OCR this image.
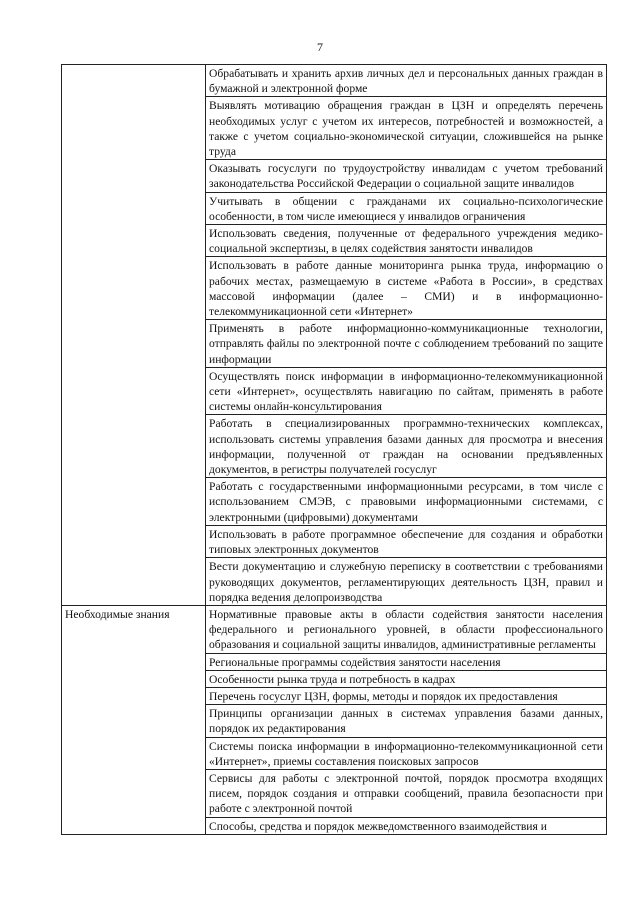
7
	Обрабатывать и хранить архив личных дел и персональных данных граждан в бумажной и электронной форме
	Выявлять мотивацию обращения граждан в ЦЗН и определять перечень необходимых услуг с учетом их интересов, потребностей и возможностей, а также с учетом социально-экономической ситуации, сложившейся на рынке труда
	Оказывать госуслуги по трудоустройству инвалидам с учетом требований законодательства Российской Федерации о социальной защите инвалидов
	Учитывать в общении с гражданами их социально-психологические особенности, в том числе имеющиеся у инвалидов ограничения
	Использовать сведения, полученные от федерального учреждения медико-социальной экспертизы, в целях содействия занятости инвалидов
	Использовать в работе данные мониторинга рынка труда, информацию о рабочих местах, размещаемую в системе «Работа в России», в средствах массовой информации (далее – СМИ) и в информационно-телекоммуникационной сети «Интернет»
	Применять в работе информационно-коммуникационные технологии, отправлять файлы по электронной почте с соблюдением требований по защите информации
	Осуществлять поиск информации в информационно-телекоммуникационной сети «Интернет», осуществлять навигацию по сайтам, применять в работе системы онлайн-консультирования
	Работать в специализированных программно-технических комплексах, использовать системы управления базами данных для просмотра и внесения информации, полученной от граждан на основании предъявленных документов, в регистры получателей госуслуг
	Работать с государственными информационными ресурсами, в том числе с использованием СМЭВ, с правовыми информационными системами, с электронными (цифровыми) документами
	Использовать в работе программное обеспечение для создания и обработки типовых электронных документов
	Вести документацию и служебную переписку в соответствии с требованиями руководящих документов, регламентирующих деятельность ЦЗН, правил и порядка ведения делопроизводства
Необходимые знания	Нормативные правовые акты в области содействия занятости населения федерального и регионального уровней, в области профессионального образования и социальной защиты инвалидов, административные регламенты
	Региональные программы содействия занятости населения
	Особенности рынка труда и потребность в кадрах
	Перечень госуслуг ЦЗН, формы, методы и порядок их предоставления
	Принципы организации данных в системах управления базами данных, порядок их редактирования
	Системы поиска информации в информационно-телекоммуникационной сети «Интернет», приемы составления поисковых запросов
	Сервисы для работы с электронной почтой, порядок просмотра входящих писем, порядок создания и отправки сообщений, правила безопасности при работе с электронной почтой
	Способы, средства и порядок межведомственного взаимодействия и
